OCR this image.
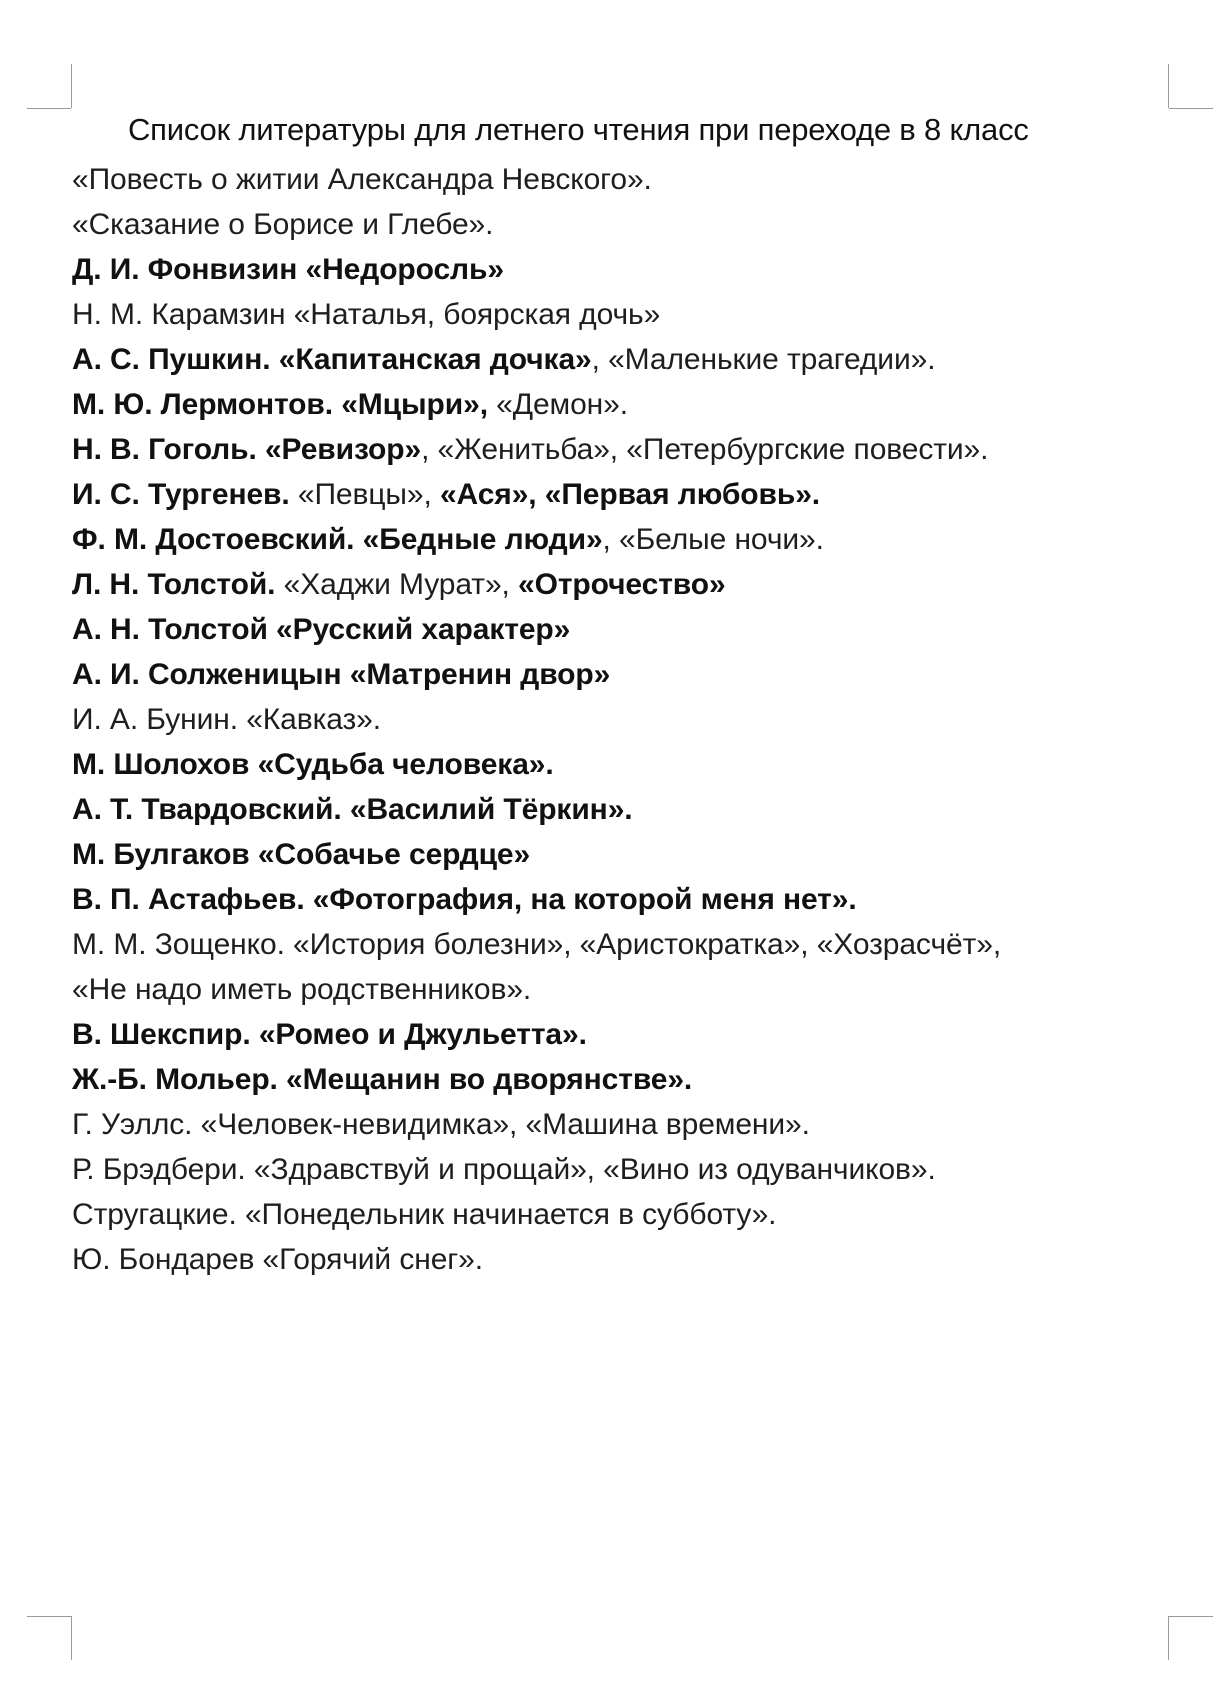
Список литературы для летнего чтения при переходе в 8 класс
«Повесть о житии Александра Невского».
«Сказание о Борисе и Глебе».
Д. И. Фонвизин «Недоросль»
Н. М. Карамзин «Наталья, боярская дочь»
А. С. Пушкин. «Капитанская дочка», «Маленькие трагедии».
М. Ю. Лермонтов. «Мцыри», «Демон».
Н. В. Гоголь. «Ревизор», «Женитьба», «Петербургские повести».
И. С. Тургенев. «Певцы», «Ася», «Первая любовь».
Ф. М. Достоевский. «Бедные люди», «Белые ночи».
Л. Н. Толстой. «Хаджи Мурат», «Отрочество»
А. Н. Толстой «Русский характер»
А. И. Солженицын «Матренин двор»
И. А. Бунин. «Кавказ».
М. Шолохов «Судьба человека».
А. Т. Твардовский. «Василий Тёркин».
М. Булгаков «Собачье сердце»
В. П. Астафьев. «Фотография, на которой меня нет».
М. М. Зощенко. «История болезни», «Аристократка», «Хозрасчёт»,
«Не надо иметь родственников».
В. Шекспир. «Ромео и Джульетта».
Ж.-Б. Мольер. «Мещанин во дворянстве».
Г. Уэллс. «Человек-невидимка», «Машина времени».
Р. Брэдбери. «Здравствуй и прощай», «Вино из одуванчиков».
Стругацкие. «Понедельник начинается в субботу».
Ю. Бондарев «Горячий снег».
